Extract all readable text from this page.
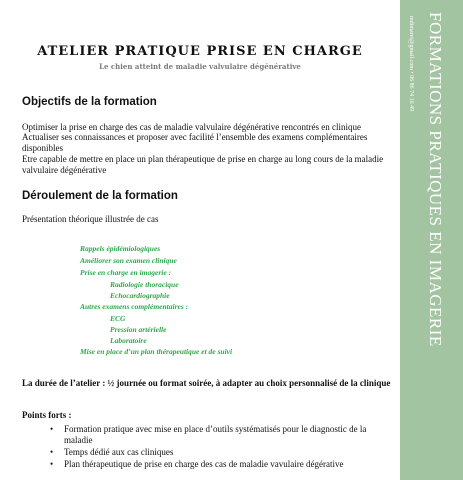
mdimaret@gmail.com • 06 86 74 16 49 FORMATIONS PRATIQUES EN IMAGERIE
ATELIER PRATIQUE PRISE EN CHARGE
Le chien atteint de maladie valvulaire dégénérative
Objectifs de la formation
Optimiser la prise en charge des cas de maladie valvulaire dégénérative rencontrés en clinique
Actualiser ses connaissances et proposer avec facilité l’ensemble des examens complémentaires disponibles
Etre capable de mettre en place un plan thérapeutique de prise en charge au long cours de la maladie valvulaire dégénérative
Déroulement de la formation
Présentation théorique illustrée de cas
Rappels épidémiologiques
Améliorer son examen clinique
Prise en charge en imagerie :
Radiologie thoracique
Echocardiographie
Autres examens complémentaires :
ECG
Pression artérielle
Laboratoire
Mise en place d’un plan thérapeutique et de suivi
La durée de l’atelier : ½ journée ou format soirée, à adapter au choix personnalisé de la clinique
Points forts :
• Formation pratique avec mise en place d’outils systématisés pour le diagnostic de la maladie
• Temps dédié aux cas cliniques
• Plan thérapeutique de prise en charge des cas de maladie vavulaire dégérative
